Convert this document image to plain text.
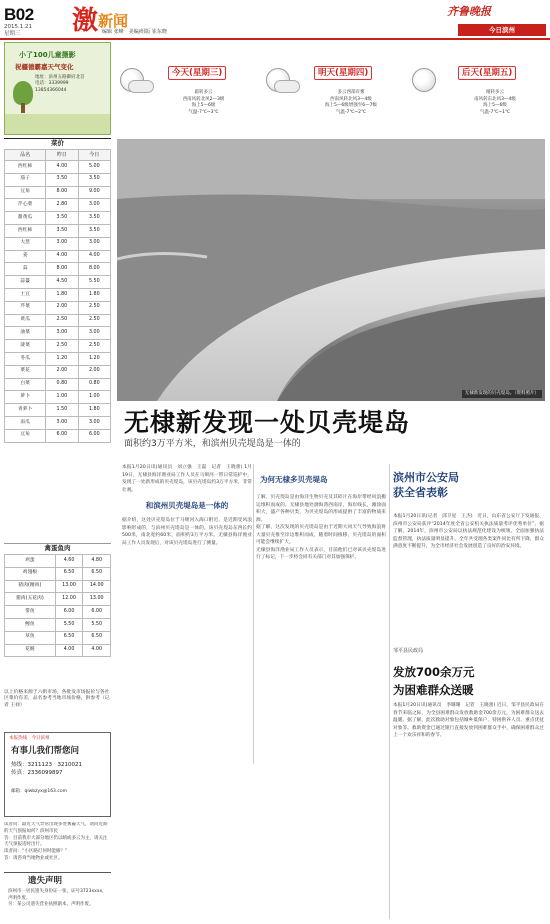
B02
2015.1.21
星期三	激新闻
编辑 张峰　美编/组版 崔东晓
齐鲁晚报
今日滨州
小了100儿童摄影
祝疆德霸嘉天气变化
地址：滨州五路御府北首
电话：3339999
13854366044
今天(星期三)
霜转多云
西南风转北风2—3级
海上5—6级
气温-7℃~3℃
明天(星期四)
多云西部有雾
西南风转北风3—4级
海上5—6级增强至6—7级
气温-7℃~2℃
后天(星期五)
晴转多云
南风转东北风3—4级
海上5—6级
气温-7℃~1℃
菜价
品名	昨日	今日
西红柿	4.00	5.00
茄子	3.50	3.50
豆角	8.00	9.00
芹心菜	2.80	3.00
甜黄瓜	3.50	3.50
西红柿	3.50	3.50
大葱	3.00	3.00
姜	4.00	4.00
蒜	8.00	8.00
蒜薹	4.50	5.50
土豆	1.80	1.80
芹菜	2.00	2.50
黄瓜	2.50	2.50
油菜	3.00	3.00
菠菜	2.50	2.50
冬瓜	1.20	1.20
菜花	2.00	2.00
白菜	0.80	0.80
萝卜	1.00	1.00
青萝卜	1.50	1.80
南瓜	3.00	3.00
豆角	6.00	6.00
禽蛋鱼肉
鸡蛋	4.60	4.80
鸡翅根	6.50	6.50
猪肉(精肉)	13.00	14.00
猪肉(五花肉)	12.00	13.00
带鱼	6.00	6.00
鲤鱼	5.50	5.50
草鱼	6.50	6.50
花鲢	4.00	4.00
以上价格来源于六街市场，各批发市场报价与各社区菜价有差，品名参考当地市场价格，供参考（记者 王禄）
本报热线　今日滨州
有事儿我们帮您问
热线：3211123　3210021
传真：2336099897
邮箱：qlwbzyx@163.com
读者问：最近天气异常出现多处雾霾天气，请问近期的天气预报如何？滨州市民
答：目前我市大部分地区仍以晴或多云为主，请关注天气预报适时出行。
读者问：“小区路灯何时能修？”
答：请咨询当地物业或社区。
遗失声明
滨州市一居民遗失身份证一张，证号3723xxxx，声明作废。
另：某公司遗失营业执照副本，声明作废。
无棣新发现的贝壳堤岛。（资料照片）
无棣新发现一处贝壳堤岛
面积约3万平方米，和滨州贝壳堤岛是一体的

本报1月20日讯(通讯员　刘立强　王磊　记者　王晓蕾) 1月19日，无棣县海洋渔业局工作人员在马颊河一带日常巡护中，发现了一处新形成的贝壳堤岛，该贝壳堤岛约3万平方米，非常壮观。

和滨州贝壳堤岛是一体的

据介绍，这处贝壳堤岛位于马颊河入海口附近，是近期受风浪影响形成的，与滨州贝壳堤岛是一体的。该贝壳堤岛东西长约500米，南北宽约60米，面积约3万平方米。无棣县海洋渔业局工作人员发现后，对该贝壳堤岛进行了测量。

为何无棣多贝壳堤岛

了解，贝壳堤岛是由海洋生物贝壳及其碎片在海岸带经风浪搬运堆积而成的。无棣县地处渤海湾西南岸，海岸线长，滩涂面积大，盛产各种贝类，为贝壳堤岛的形成提供了丰富的物质来源。

据了解，这次发现的贝壳堤岛是由于近期大风天气导致海浪将大量贝壳推至岸边堆积而成，随着时间推移，贝壳堤岛的面积可能会继续扩大。

无棣县海洋渔业局工作人员表示，目前他们已对该贝壳堤岛进行了标记，下一步将会同有关部门对其加强保护。

滨州市公安局
获全省表彰
本报1月20日讯(记者　邱卫星　王杰)　近日，山东省公安厅下发通报，滨州市公安局获评“2014年度全省公安机关执法质量考评优秀单位”。据了解，2014年，滨州市公安局以执法规范化建设为统领，全面加强执法监督管理，执法质量明显提升。全年共受理各类案件同比有所下降，群众满意度不断提升，为全市经济社会发展创造了良好的治安环境。
邹平县民政局
发放700余万元
为困难群众送暖
本报1月20日讯(通讯员　李珊珊　记者　王晓蕾) 近日，邹平县民政局在春节来临之际，为全县困难群众发放救助金700余万元，为困难群众送去温暖。据了解，此次救助对象包括城乡低保户、特困供养人员、重点优抚对象等。救助资金已通过银行直接发放到困难群众手中，确保困难群众过上一个欢乐祥和的春节。
